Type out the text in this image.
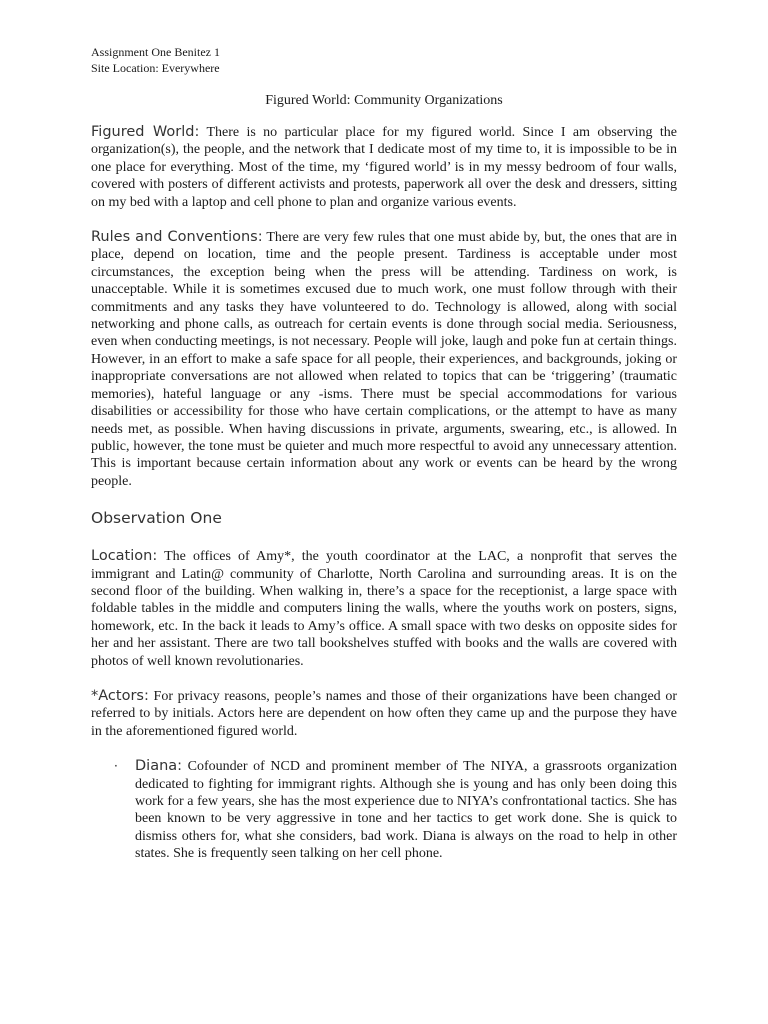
Assignment One Benitez 1
Site Location: Everywhere
Figured World: Community Organizations

Figured World: There is no particular place for my figured world. Since I am observing the organization(s), the people, and the network that I dedicate most of my time to, it is impossible to be in one place for everything. Most of the time, my ‘figured world’ is in my messy bedroom of four walls, covered with posters of different activists and protests, paperwork all over the desk and dressers, sitting on my bed with a laptop and cell phone to plan and organize various events.

Rules and Conventions: There are very few rules that one must abide by, but, the ones that are in place, depend on location, time and the people present. Tardiness is acceptable under most circumstances, the exception being when the press will be attending. Tardiness on work, is unacceptable. While it is sometimes excused due to much work, one must follow through with their commitments and any tasks they have volunteered to do. Technology is allowed, along with social networking and phone calls, as outreach for certain events is done through social media. Seriousness, even when conducting meetings, is not necessary. People will joke, laugh and poke fun at certain things. However, in an effort to make a safe space for all people, their experiences, and backgrounds, joking or inappropriate conversations are not allowed when related to topics that can be ‘triggering’ (traumatic memories), hateful language or any -isms. There must be special accommodations for various disabilities or accessibility for those who have certain complications, or the attempt to have as many needs met, as possible. When having discussions in private, arguments, swearing, etc., is allowed. In public, however, the tone must be quieter and much more respectful to avoid any unnecessary attention. This is important because certain information about any work or events can be heard by the wrong people.

Observation One

Location: The offices of Amy*, the youth coordinator at the LAC, a nonprofit that serves the immigrant and Latin@ community of Charlotte, North Carolina and surrounding areas. It is on the second floor of the building. When walking in, there’s a space for the receptionist, a large space with foldable tables in the middle and computers lining the walls, where the youths work on posters, signs, homework, etc. In the back it leads to Amy’s office. A small space with two desks on opposite sides for her and her assistant. There are two tall bookshelves stuffed with books and the walls are covered with photos of well known revolutionaries.

*Actors: For privacy reasons, people’s names and those of their organizations have been changed or referred to by initials. Actors here are dependent on how often they came up and the purpose they have in the aforementioned figured world.

· Diana: Cofounder of NCD and prominent member of The NIYA, a grassroots organization dedicated to fighting for immigrant rights. Although she is young and has only been doing this work for a few years, she has the most experience due to NIYA’s confrontational tactics. She has been known to be very aggressive in tone and her tactics to get work done. She is quick to dismiss others for, what she considers, bad work. Diana is always on the road to help in other states. She is frequently seen talking on her cell phone.
